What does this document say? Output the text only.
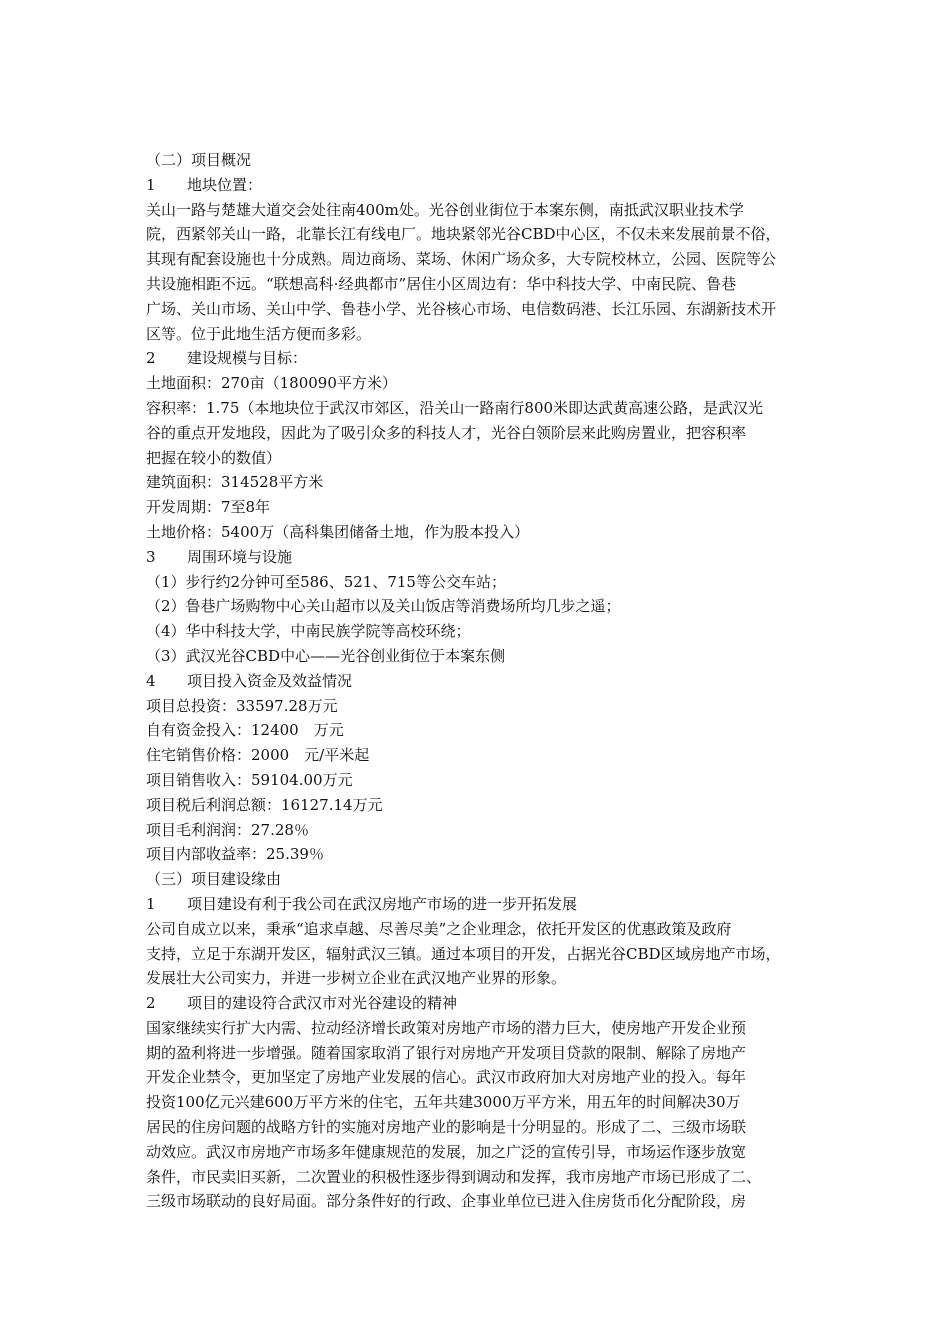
（二）项目概况
1 地块位置：
关山一路与楚雄大道交会处往南400m处。光谷创业街位于本案东侧，南抵武汉职业技术学
院，西紧邻关山一路，北靠长江有线电厂。地块紧邻光谷CBD中心区，不仅未来发展前景不俗，
其现有配套设施也十分成熟。周边商场、菜场、休闲广场众多，大专院校林立，公园、医院等公
共设施相距不远。“联想高科·经典都市”居住小区周边有：华中科技大学、中南民院、鲁巷
广场、关山市场、关山中学、鲁巷小学、光谷核心市场、电信数码港、长江乐园、东湖新技术开
区等。位于此地生活方便而多彩。
2 建设规模与目标：
土地面积：270亩（180090平方米）
容积率：1.75（本地块位于武汉市郊区，沿关山一路南行800米即达武黄高速公路，是武汉光
谷的重点开发地段，因此为了吸引众多的科技人才，光谷白领阶层来此购房置业，把容积率
把握在较小的数值）
建筑面积：314528平方米
开发周期：7至8年
土地价格：5400万（高科集团储备土地，作为股本投入）
3 周围环境与设施
（1）步行约2分钟可至586、521、715等公交车站；
（2）鲁巷广场购物中心关山超市以及关山饭店等消费场所均几步之遥；
（4）华中科技大学，中南民族学院等高校环绕；
（3）武汉光谷CBD中心——光谷创业街位于本案东侧
4 项目投入资金及效益情况
项目总投资：33597.28万元
自有资金投入：12400　万元
住宅销售价格：2000　元/平米起
项目销售收入：59104.00万元
项目税后利润总额：16127.14万元
项目毛利润润：27.28％
项目内部收益率：25.39％
（三）项目建设缘由
1 项目建设有利于我公司在武汉房地产市场的进一步开拓发展
公司自成立以来，秉承“追求卓越、尽善尽美”之企业理念，依托开发区的优惠政策及政府
支持，立足于东湖开发区，辐射武汉三镇。通过本项目的开发，占据光谷CBD区域房地产市场，
发展壮大公司实力，并进一步树立企业在武汉地产业界的形象。
2 项目的建设符合武汉市对光谷建设的精神
国家继续实行扩大内需、拉动经济增长政策对房地产市场的潜力巨大，使房地产开发企业预
期的盈利将进一步增强。随着国家取消了银行对房地产开发项目贷款的限制、解除了房地产
开发企业禁令，更加坚定了房地产业发展的信心。武汉市政府加大对房地产业的投入。每年
投资100亿元兴建600万平方米的住宅，五年共建3000万平方米，用五年的时间解决30万
居民的住房问题的战略方针的实施对房地产业的影响是十分明显的。形成了二、三级市场联
动效应。武汉市房地产市场多年健康规范的发展，加之广泛的宣传引导，市场运作逐步放宽
条件，市民卖旧买新，二次置业的积极性逐步得到调动和发挥，我市房地产市场已形成了二、
三级市场联动的良好局面。部分条件好的行政、企事业单位已进入住房货币化分配阶段，房
